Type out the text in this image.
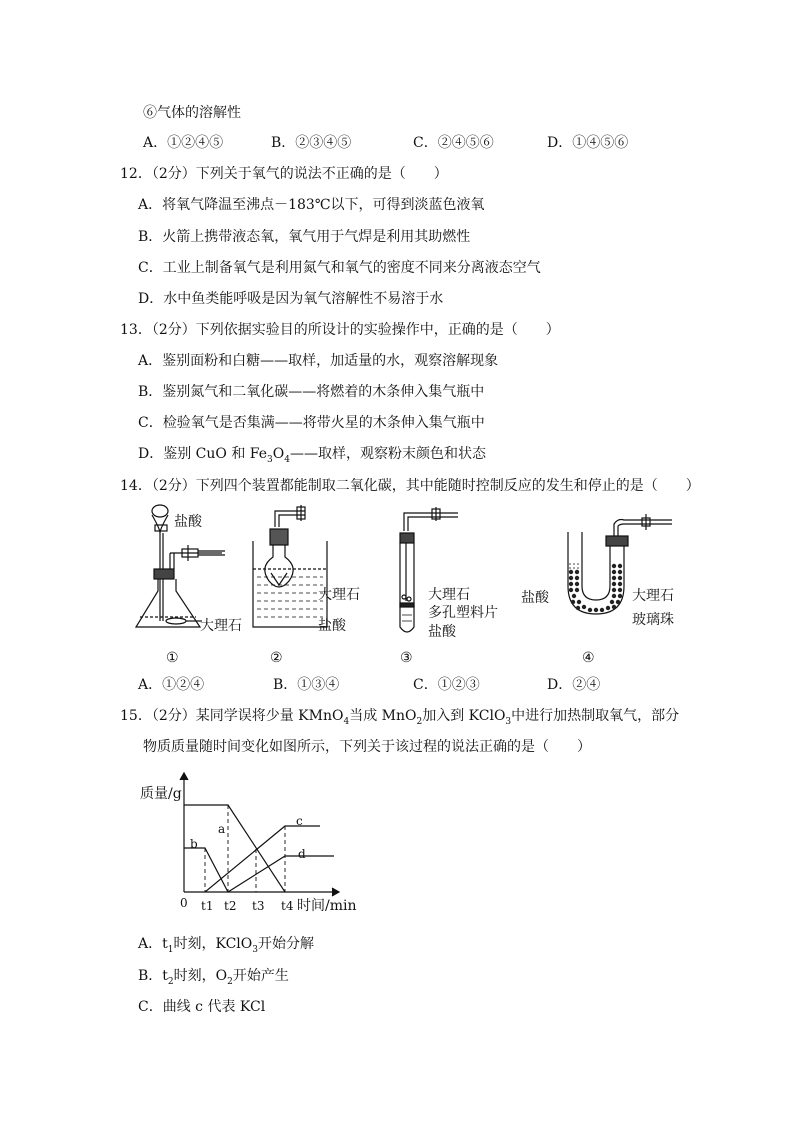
⑥气体的溶解性
A．①②④⑤	B．②③④⑤	C．②④⑤⑥	D．①④⑤⑥
12．（2分）下列关于氧气的说法不正确的是（　　）
A．将氧气降温至沸点－183℃以下，可得到淡蓝色液氧
B．火箭上携带液态氧，氧气用于气焊是利用其助燃性
C．工业上制备氧气是利用氮气和氧气的密度不同来分离液态空气
D．水中鱼类能呼吸是因为氧气溶解性不易溶于水
13．（2分）下列依据实验目的所设计的实验操作中，正确的是（　　）
A．鉴别面粉和白糖——取样，加适量的水，观察溶解现象
B．鉴别氮气和二氧化碳——将燃着的木条伸入集气瓶中
C．检验氧气是否集满——将带火星的木条伸入集气瓶中
D．鉴别 CuO 和 $Fe_3O_4——$取样，观察粉末颜色和状态
14．（2分）下列四个装置都能制取二氧化碳，其中能随时控制反应的发生和停止的是（　　）
盐酸
大理石
大理石
盐酸
大理石
多孔塑料片
盐酸
盐酸	大理石
玻璃珠
①	②	③	④
A．①②④	B．①③④	C．①②③	D．②④
15．（2分）某同学误将少量 KMnO$_4$当成 MnO$_2$加入到 KClO$_3$中进行加热制取氧气，部分
物质质量随时间变化如图所示，下列关于该过程的说法正确的是（　　）
质量/g
时间/min
0
a
b
c
d
t1 t2 t3 t4
A．$t_1$时刻，KClO$_3$开始分解
B．$t_2$时刻，$O_2$开始产生
C．曲线 c 代表 KCl
